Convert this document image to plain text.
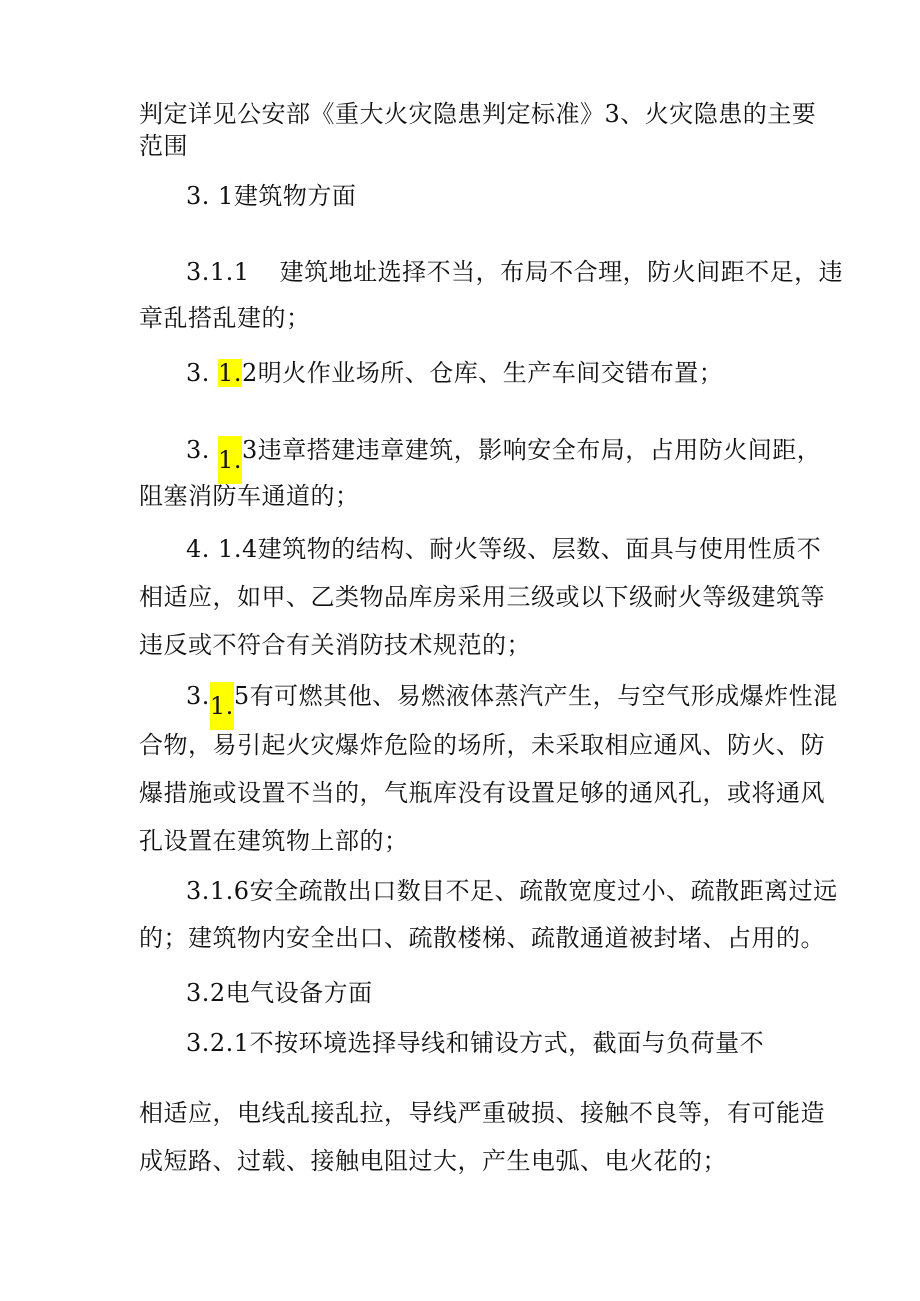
判定详见公安部《重大火灾隐患判定标准》3、火灾隐患的主要
范围
3. 1建筑物方面
3.1.1 建筑地址选择不当，布局不合理，防火间距不足，违
章乱搭乱建的；
3. 1.2明火作业场所、仓库、生产车间交错布置；
3. 1.3违章搭建违章建筑，影响安全布局，占用防火间距，
阻塞消防车通道的；
4. 1.4建筑物的结构、耐火等级、层数、面具与使用性质不
相适应，如甲、乙类物品库房采用三级或以下级耐火等级建筑等
违反或不符合有关消防技术规范的；
3.1.5有可燃其他、易燃液体蒸汽产生，与空气形成爆炸性混
合物，易引起火灾爆炸危险的场所，未采取相应通风、防火、防
爆措施或设置不当的，气瓶库没有设置足够的通风孔，或将通风
孔设置在建筑物上部的；
3.1.6安全疏散出口数目不足、疏散宽度过小、疏散距离过远
的；建筑物内安全出口、疏散楼梯、疏散通道被封堵、占用的。
3.2电气设备方面
3.2.1不按环境选择导线和铺设方式，截面与负荷量不
相适应，电线乱接乱拉，导线严重破损、接触不良等，有可能造
成短路、过载、接触电阻过大，产生电弧、电火花的；
